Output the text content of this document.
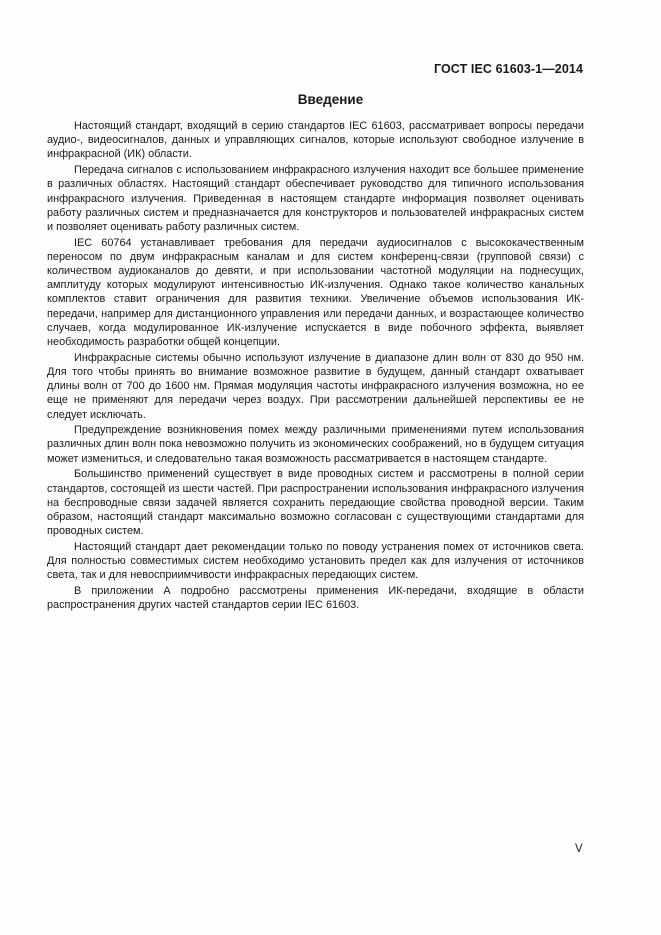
ГОСТ IEC 61603-1—2014

Введение

Настоящий стандарт, входящий в серию стандартов IEC 61603, рассматривает вопросы передачи аудио-, видеосигналов, данных и управляющих сигналов, которые используют свободное излучение в инфракрасной (ИК) области.

Передача сигналов с использованием инфракрасного излучения находит все большее применение в различных областях. Настоящий стандарт обеспечивает руководство для типичного использования инфракрасного излучения. Приведенная в настоящем стандарте информация позволяет оценивать работу различных систем и предназначается для конструкторов и пользователей инфракрасных систем и позволяет оценивать работу различных систем.

IEC 60764 устанавливает требования для передачи аудиосигналов с высококачественным переносом по двум инфракрасным каналам и для систем конференц-связи (групповой связи) с количеством аудиоканалов до девяти, и при использовании частотной модуляции на поднесущих, амплитуду которых модулируют интенсивностью ИК-излучения. Однако такое количество канальных комплектов ставит ограничения для развития техники. Увеличение объемов использования ИК-передачи, например для дистанционного управления или передачи данных, и возрастающее количество случаев, когда модулированное ИК-излучение испускается в виде побочного эффекта, выявляет необходимость разработки общей концепции.

Инфракрасные системы обычно используют излучение в диапазоне длин волн от 830 до 950 нм. Для того чтобы принять во внимание возможное развитие в будущем, данный стандарт охватывает длины волн от 700 до 1600 нм. Прямая модуляция частоты инфракрасного излучения возможна, но ее еще не применяют для передачи через воздух. При рассмотрении дальнейшей перспективы ее не следует исключать.

Предупреждение возникновения помех между различными применениями путем использования различных длин волн пока невозможно получить из экономических соображений, но в будущем ситуация может измениться, и следовательно такая возможность рассматривается в настоящем стандарте.

Большинство применений существует в виде проводных систем и рассмотрены в полной серии стандартов, состоящей из шести частей. При распространении использования инфракрасного излучения на беспроводные связи задачей является сохранить передающие свойства проводной версии. Таким образом, настоящий стандарт максимально возможно согласован с существующими стандартами для проводных систем.

Настоящий стандарт дает рекомендации только по поводу устранения помех от источников света. Для полностью совместимых систем необходимо установить предел как для излучения от источников света, так и для невосприимчивости инфракрасных передающих систем.

В приложении А подробно рассмотрены применения ИК-передачи, входящие в области распространения других частей стандартов серии IEC 61603.

V
